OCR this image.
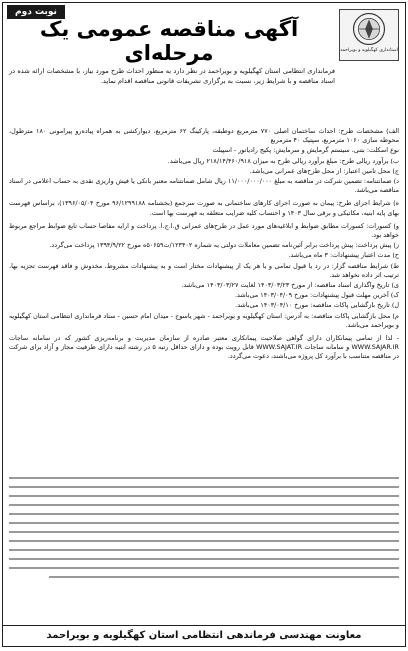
نوبت دوم
آگهی مناقصه عمومی یک مرحله‌ای	استانداری کهگیلویه و بویراحمد
فرمانداری انتظامی استان کهگیلویه و بویراحمد در نظر دارد به منظور احداث طرح مورد نیاز، با مشخصات ارائه شده در اسناد مناقصه و با شرایط زیر، نسبت به برگزاری تشریفات قانونی مناقصه اقدام نماید.

الف) مشخصات طرح: احداث ساختمان اصلی ۷۷۰ مترمربع دوطبقه، پارکینگ ۶۲ مترمربع، دیوارکشی به همراه پیاده‌رو پیرامونی ۱۸۰ مترطول، محوطه سازی ۱۰۶۰ مترمربع، سپتیک ۴۰ مترمربع

نوع اسکلت: بتنی، سیستم گرمایش و سرمایش: پکیج رادیاتور - اسپیلت

ب) برآورد ریالی طرح: مبلغ برآورد ریالی طرح به میزان ۲۱۸/۱۴/۴۶۰/۹۱۸ ریال می‌باشد.

ج) محل تامین اعتبار: از محل طرح‌های عمرانی می‌باشد.

د) ضمانتنامه: تضمین شرکت در مناقصه به مبلغ ۱۱/۰۰۰/۰۰۰/۰۰۰ ریال شامل ضمانتنامه معتبر بانکی یا فیش واریزی نقدی به حساب اعلامی در اسناد مناقصه می‌باشد.

ه) شرایط اجرای طرح: پیمان به صورت اجرای کارهای ساختمانی به صورت سرجمع (بخشنامه ۹۶/۱۲۹۹۱۸۸ مورخ ۱۳۹۶/۰۵/۰۴)، براساس فهرست بهای پایه ابنیه، مکانیکی و برقی سال ۱۴۰۳ و احتساب کلیه ضرایب متعلقه به فهرست بها است.

و) کسورات: کسورات مطابق ضوابط و ابلاغیه‌های مورد عمل در طرح‌های عمرانی ق.ا.ج.ا. پرداخت و ارایه مفاصا حساب تابع ضوابط مراجع مربوط خواهد بود.

ز) پیش پرداخت: پیش پرداخت برابر آئین‌نامه تضمین معاملات دولتی به شماره ۱۲۳۴۰۲/ت۵۰۶۵۹ه مورخ ۱۳۹۴/۹/۲۲ پرداخت می‌گردد.

ح) مدت اعتبار پیشنهادات: ۳ ماه می‌باشد.

ط) شرایط مناقصه گزار: در رد یا قبول تمامی و یا هر یک از پیشنهادات مختار است و به پیشنهادات مشروط، مخدوش و فاقد فهرست تجزیه بها، ترتیب اثر داده نخواهد شد.

ی) تاریخ واگذاری اسناد مناقصه: از مورخ ۱۴۰۳/۰۳/۲۳ لغایت ۱۴۰۳/۰۳/۲۷ می‌باشد.

ک) آخرین مهلت قبول پیشنهادات: مورخ ۱۴۰۳/۰۴/۰۹ می‌باشد.

ل) تاریخ بازگشایی پاکات مناقصه: مورخ ۱۴۰۳/۰۴/۱۰ می‌باشد.

م) محل بازگشایی پاکات مناقصه: به آدرس: استان کهگیلویه و بویراحمد - شهر یاسوج - میدان امام حسین - ستاد فرمانداری انتظامی استان کهگیلویه و بویراحمد می‌باشد.

- لذا از تمامی پیمانکاران دارای گواهی صلاحیت پیمانکاری معتبر صادره از سازمان مدیریت و برنامه‌ریزی کشور که در سامانه ساجات WWW.SAJAR.IR و سامانه ساجات WWW.SAJAT.IR قابل رویت بوده و دارای حداقل رتبه ۵ در رشته ابنیه دارای ظرفیت مجاز و آزاد برای شرکت در مناقصه متناسب با برآورد کل پروژه می‌باشند، دعوت می‌گردد.

معاونت مهندسی فرماندهی انتظامی استان کهگیلویه و بویراحمد
